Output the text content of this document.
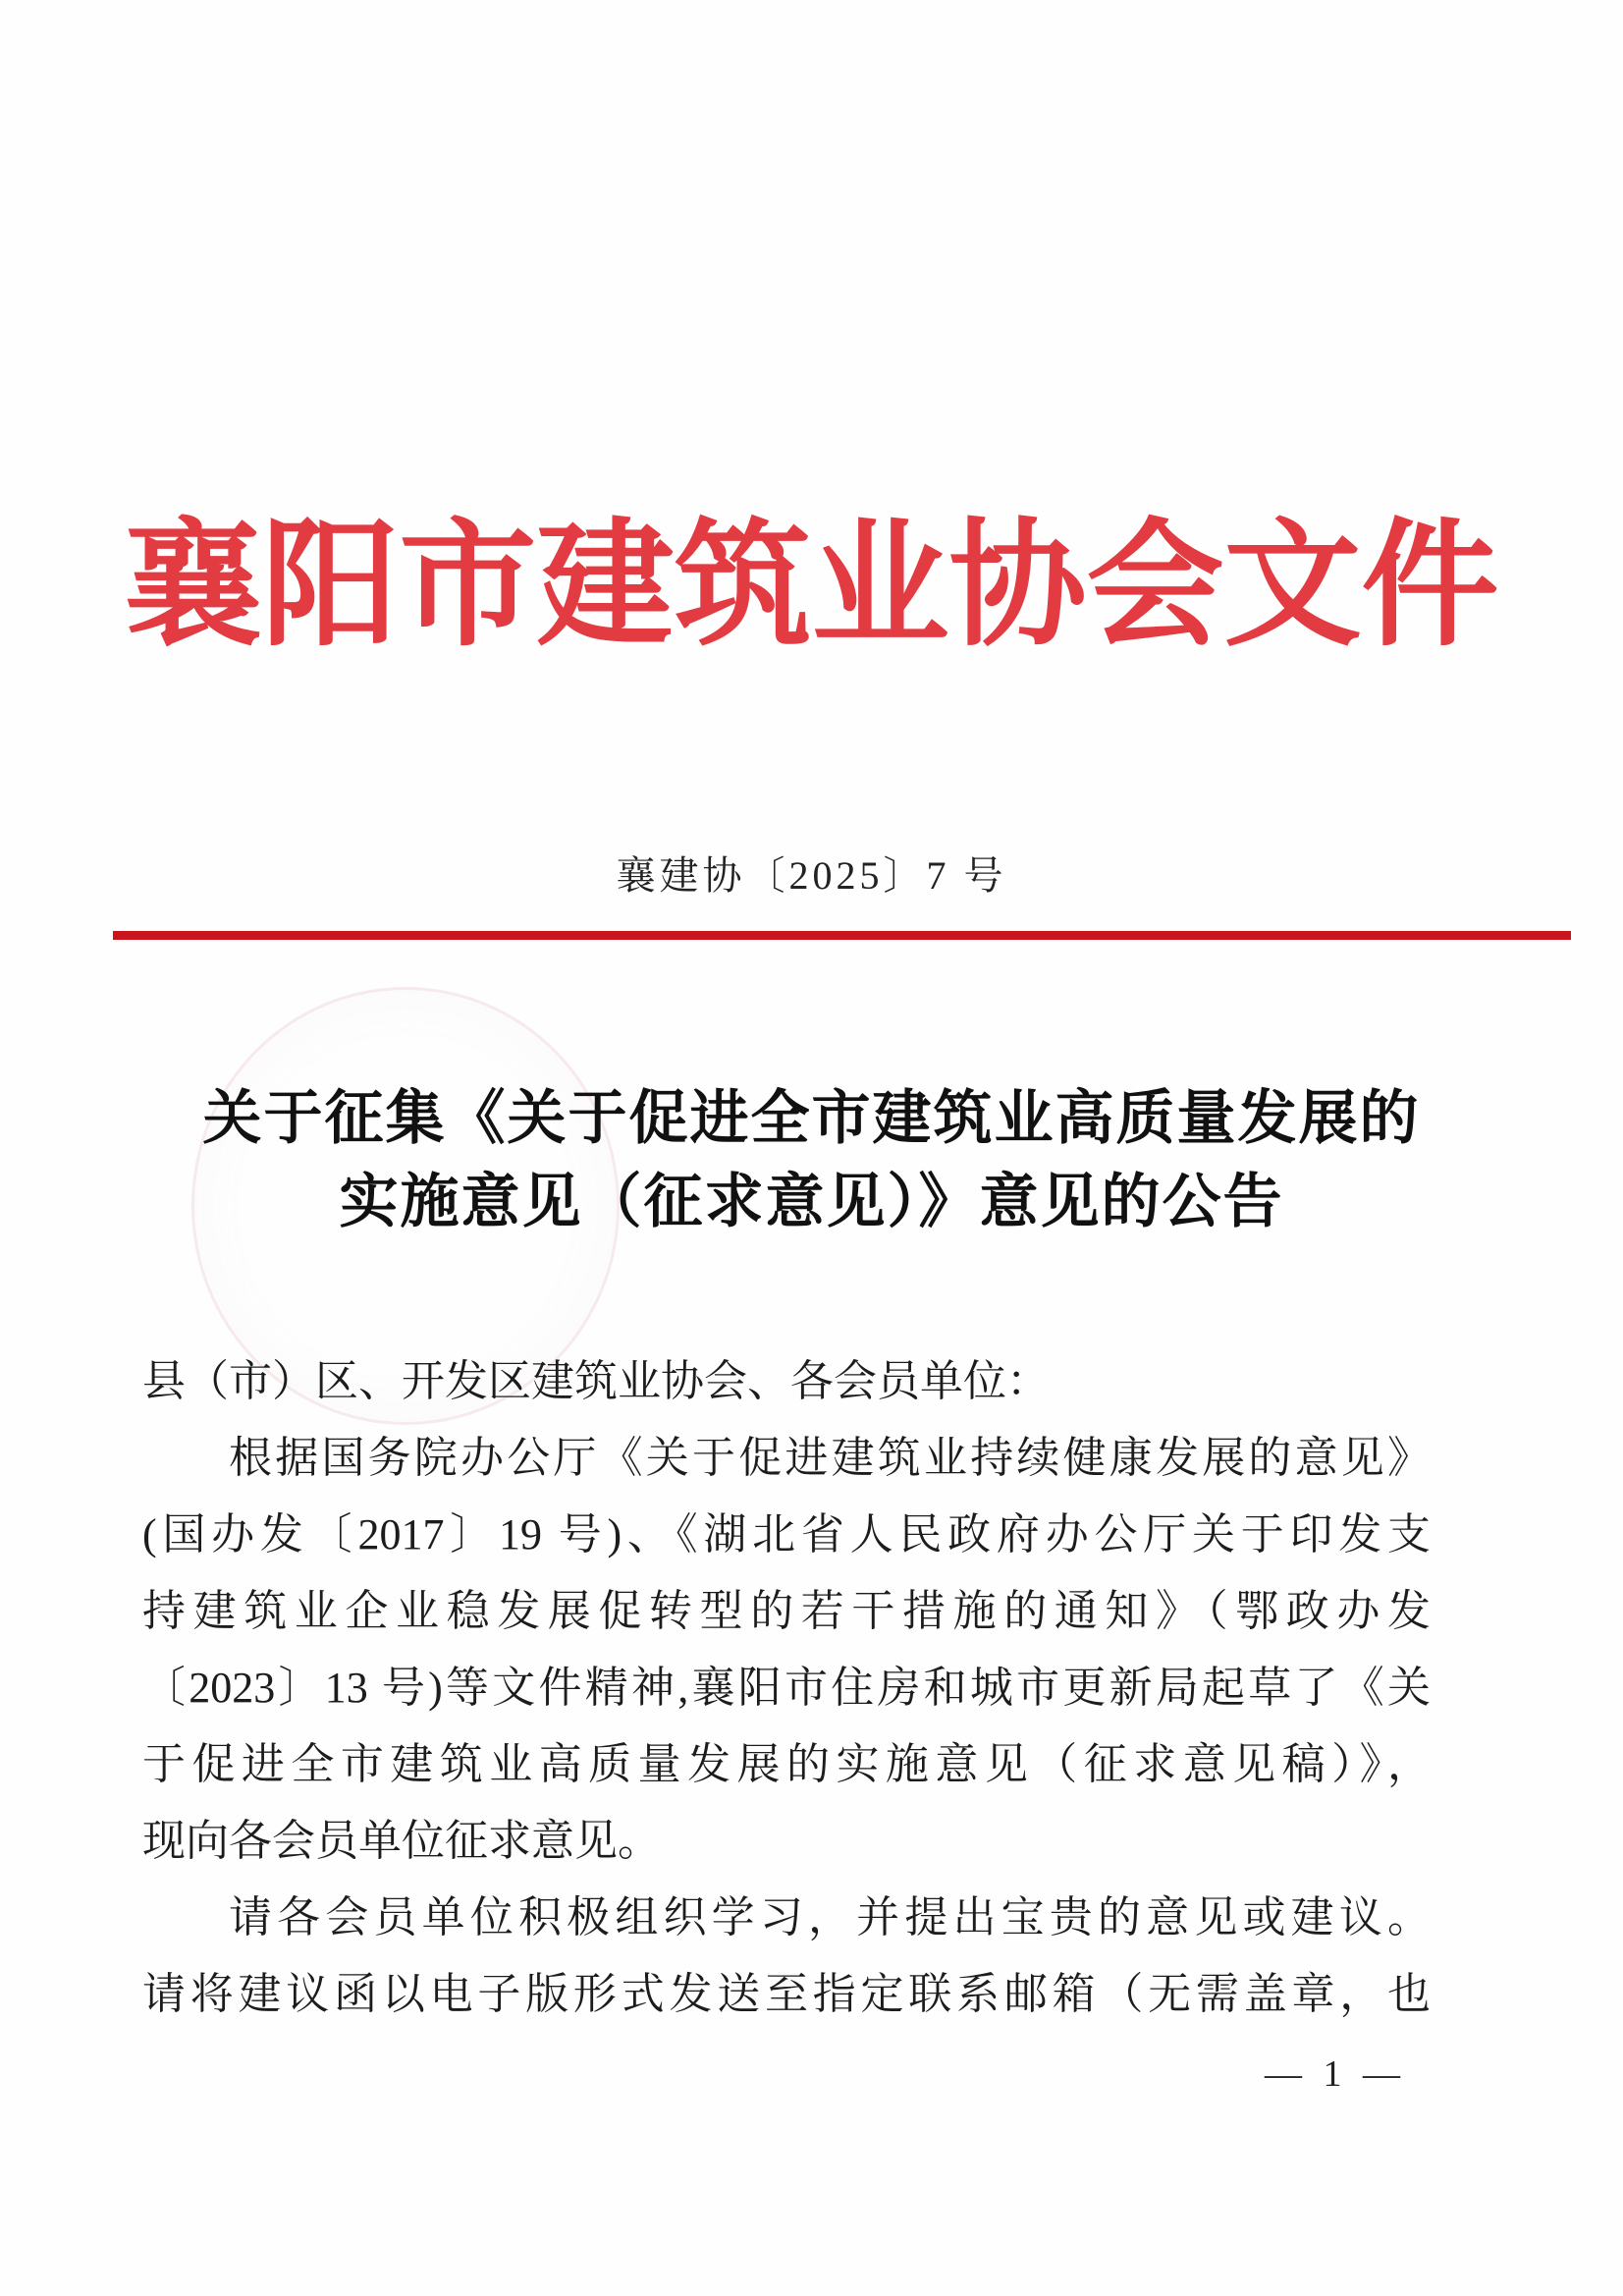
襄阳市建筑业协会文件
襄建协〔2025〕7 号
关于征集《关于促进全市建筑业高质量发展的
实施意见（征求意见）》意见的公告
县（市）区、开发区建筑业协会、各会员单位：
根据国务院办公厅《关于促进建筑业持续健康发展的意见》
(国办发〔2017〕19 号)、《湖北省人民政府办公厅关于印发支
持建筑业企业稳发展促转型的若干措施的通知》（鄂政办发
〔2023〕13 号)等文件精神,襄阳市住房和城市更新局起草了《关
于促进全市建筑业高质量发展的实施意见（征求意见稿）》，
现向各会员单位征求意见。
请各会员单位积极组织学习，并提出宝贵的意见或建议。
请将建议函以电子版形式发送至指定联系邮箱（无需盖章，也
— 1 —
